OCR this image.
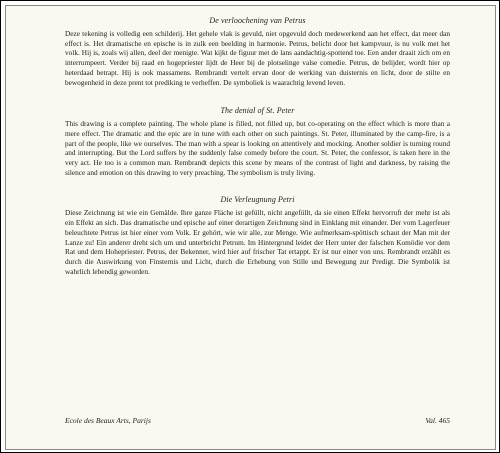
De verloochening van Petrus

Deze tekening is volledig een schilderij. Het gehele vlak is gevuld, niet opgevuld doch medewerkend aan het effect, dat meer dan effect is. Het dramatische en epische is in zulk een beelding in harmonie. Petrus, belicht door het kampvuur, is nu volk met het volk. Hij is, zoals wij allen, deel der menigte. Wat kijkt de figuur met de lans aandachtig-spottend toe. Een ander draait zich om en interrumpeert. Verder bij raad en hogepriester lijdt de Heer bij de plotselinge valse comedie. Petrus, de belijder, wordt hier op heterdaad betrapt. Hij is ook massamens. Rembrandt vertelt ervan door de werking van duisternis en licht, door de stilte en bewogenheid in deze prent tot prediking te verheffen. De symboliek is waarachtig levend leven.

The denial of St. Peter

This drawing is a complete painting. The whole plane is filled, not filled up, but co-operating on the effect which is more than a mere effect. The dramatic and the epic are in tune with each other on such paintings. St. Peter, illuminated by the camp-fire, is a part of the people, like we ourselves. The man with a spear is looking on attentively and mocking. Another soldier is turning round and interrupting. But the Lord suffers by the suddenly false comedy before the court. St. Peter, the confessor, is taken here in the very act. He too is a common man. Rembrandt depicts this scene by means of the contrast of light and darkness, by raising the silence and emotion on this drawing to very preaching. The symbolism is truly living.

Die Verleugnung Petri

Diese Zeichnung ist wie ein Gemälde. Ihre ganze Fläche ist gefüllt, nicht angefüllt, da sie einen Effekt hervorruft der mehr ist als ein Effekt an sich. Das dramatische und epische auf einer derartigen Zeichnung sind in Einklang mit einander. Der vom Lagerfeuer beleuchtete Petrus ist hier einer vom Volk. Er gehört, wie wir alle, zur Menge. Wie aufmerksam-spöttisch schaut der Man mit der Lanze zu! Ein anderer dreht sich um und unterbricht Petrum. Im Hintergrund leidet der Herr unter der falschen Komödie vor dem Rat und dem Hohepriester. Petrus, der Bekenner, wird hier auf frischer Tat ertappt. Er ist nur einer von uns. Rembrandt erzählt es durch die Auswirkung von Finsternis und Licht, durch die Erhebung von Stille und Bewegung zur Predigt. Die Symbolik ist wahrlich lebendig geworden.

Ecole des Beaux Arts, Parijs	Val. 465
